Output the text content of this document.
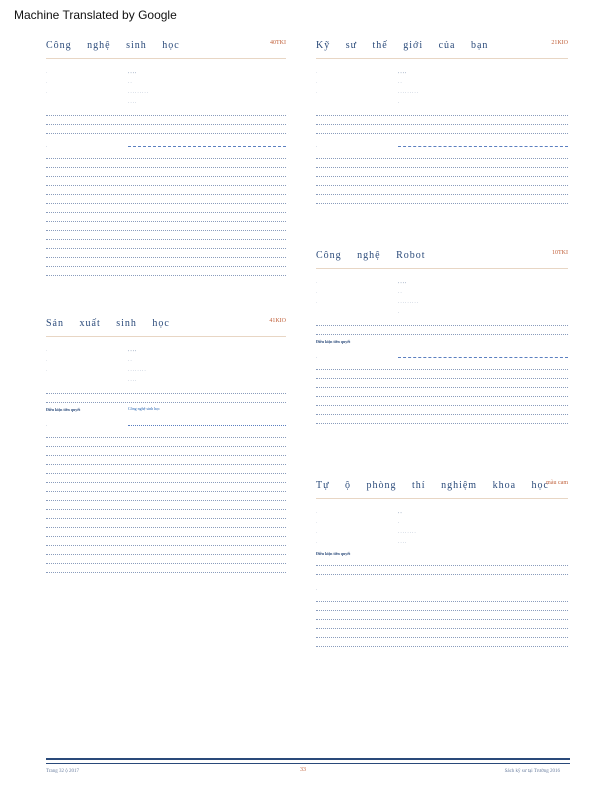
Machine Translated by Google
Công nghệ sinh học	40TKI
·	· · · ·
·	· ·
·	· · · · · · · · ·
· · · ·
·
Kỹ sư thế giới của bạn	21KIO
·	· · · ·
·	· ·
·	· · · · · · · · ·
·
·
Sản xuất sinh học	41KIO
·	· · · ·
·	· ·
·	· · · · · · · ·
· · · ·
Điều kiện tiên quyết	Công nghệ sinh học
·
Công nghệ Robot	10TKI
·	· · · ·
·	· ·
·	· · · · · · · · ·
·
Điều kiện tiên quyết
·
Tự ộ phòng thí nghiệm khoa học
màu cam
·	· ·
·	·
·	· · · · · · · ·
·	· · · ·
Điều kiện tiên quyết
·
Trang 32 ộ 2017	33	Sách kỹ sư tại Trường 2016
